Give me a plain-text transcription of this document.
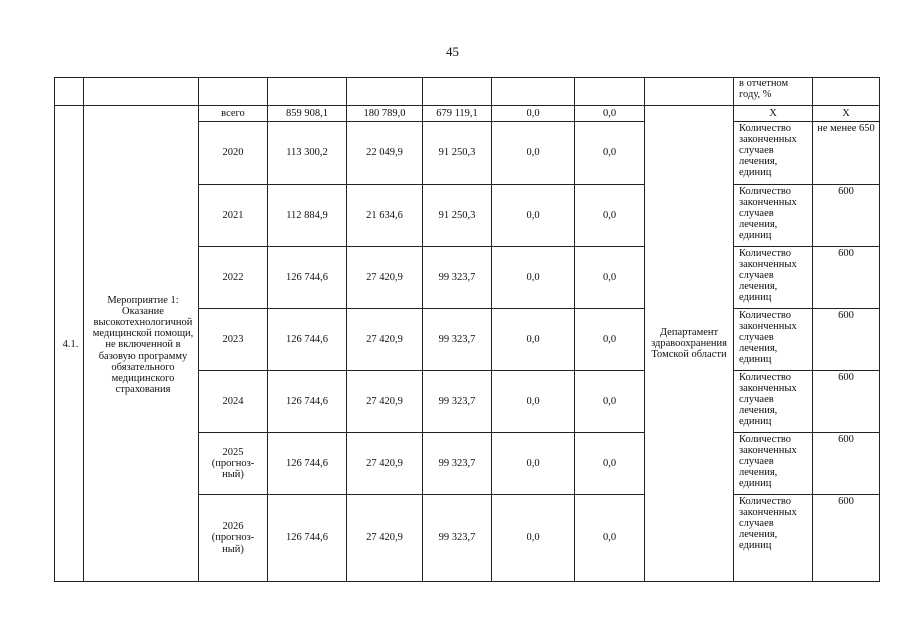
45
									в отчетном году, %	
4.1.	Мероприятие 1: Оказание высокотехнологичной медицинской помощи, не включенной в базовую программу обязательного медицинского страхования	всего	859 908,1	180 789,0	679 119,1	0,0	0,0	Департамент здравоохранения Томской области	Х	Х
		2020	113 300,2	22 049,9	91 250,3	0,0	0,0		Количество законченных случаев лечения, единиц	не менее 650
		2021	112 884,9	21 634,6	91 250,3	0,0	0,0		Количество законченных случаев лечения, единиц	600
		2022	126 744,6	27 420,9	99 323,7	0,0	0,0		Количество законченных случаев лечения, единиц	600
		2023	126 744,6	27 420,9	99 323,7	0,0	0,0		Количество законченных случаев лечения, единиц	600
		2024	126 744,6	27 420,9	99 323,7	0,0	0,0		Количество законченных случаев лечения, единиц	600
		2025 (прогноз-ный)	126 744,6	27 420,9	99 323,7	0,0	0,0		Количество законченных случаев лечения, единиц	600
		2026 (прогноз-ный)	126 744,6	27 420,9	99 323,7	0,0	0,0		Количество законченных случаев лечения, единиц	600
